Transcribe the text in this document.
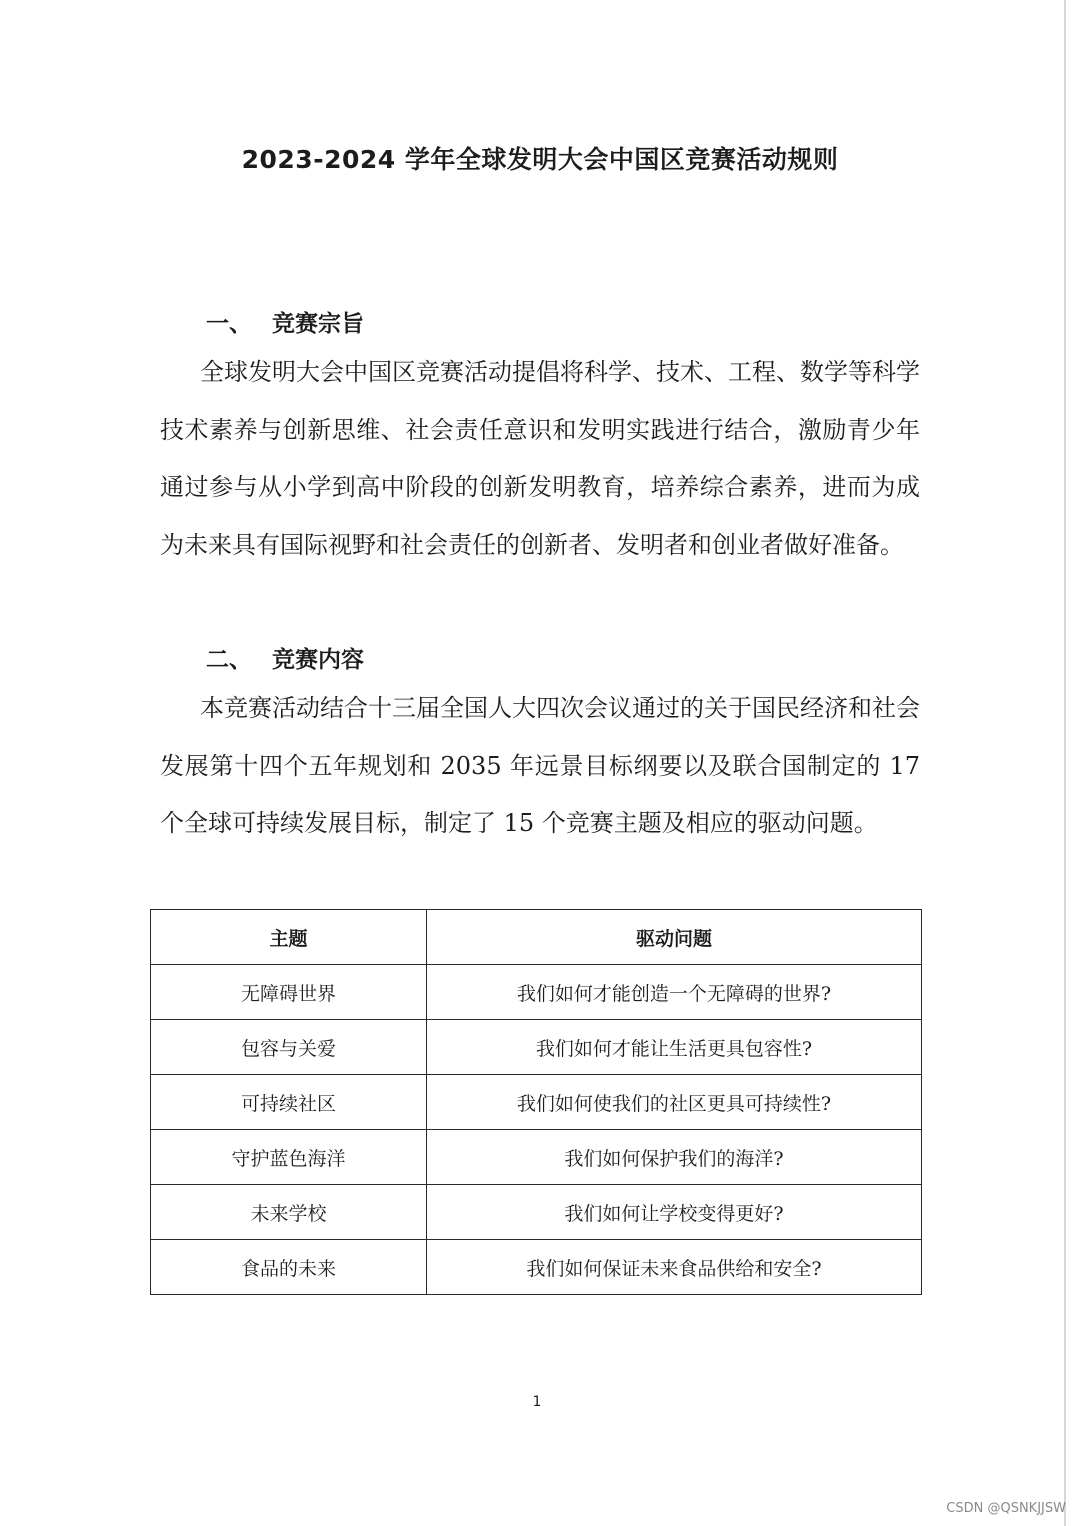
2023-2024 学年全球发明大会中国区竞赛活动规则
一、 竞赛宗旨

全球发明大会中国区竞赛活动提倡将科学、技术、工程、数学等科学技术素养与创新思维、社会责任意识和发明实践进行结合，激励青少年通过参与从小学到高中阶段的创新发明教育，培养综合素养，进而为成为未来具有国际视野和社会责任的创新者、发明者和创业者做好准备。

二、 竞赛内容

本竞赛活动结合十三届全国人大四次会议通过的关于国民经济和社会发展第十四个五年规划和 2035 年远景目标纲要以及联合国制定的 17 个全球可持续发展目标，制定了 15 个竞赛主题及相应的驱动问题。

主题	驱动问题
无障碍世界	我们如何才能创造一个无障碍的世界?
包容与关爱	我们如何才能让生活更具包容性?
可持续社区	我们如何使我们的社区更具可持续性?
守护蓝色海洋	我们如何保护我们的海洋?
未来学校	我们如何让学校变得更好?
食品的未来	我们如何保证未来食品供给和安全?
1
CSDN @QSNKJJSW
